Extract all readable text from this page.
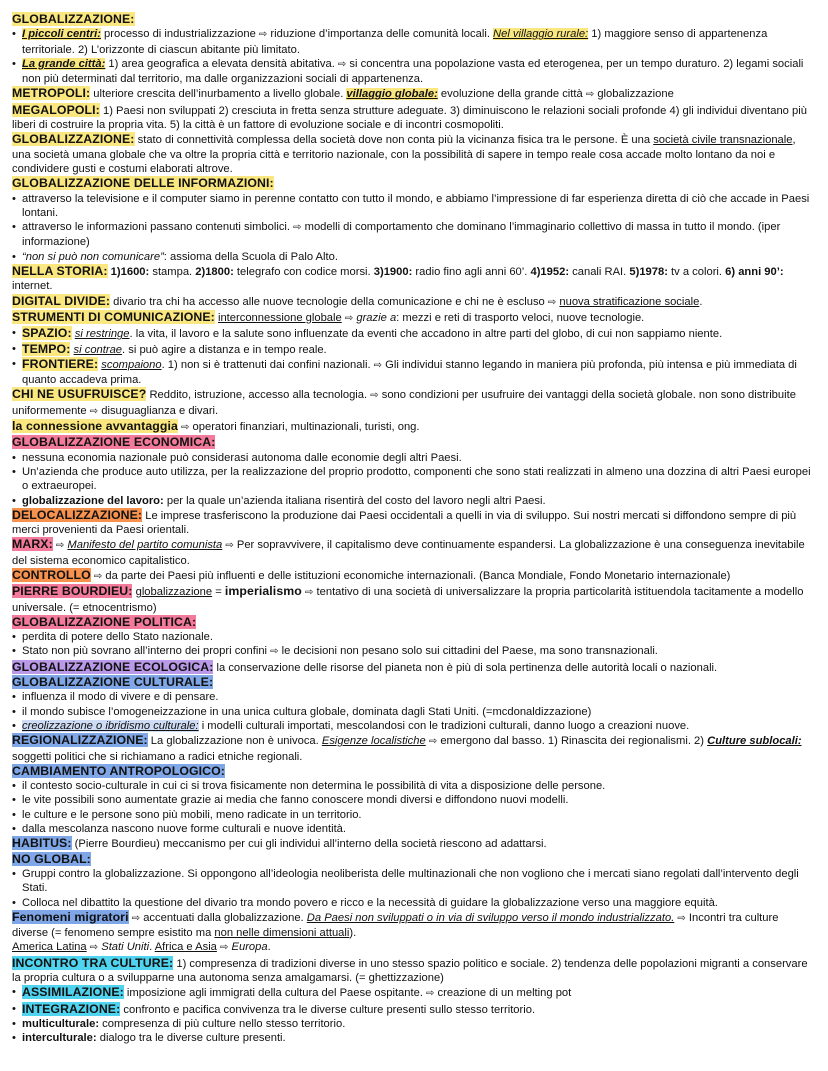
GLOBALIZZAZIONE:

• I piccoli centri: processo di industrializzazione ⇨ riduzione d’importanza delle comunità locali. Nel villaggio rurale: 1) maggiore senso di appartenenza territoriale. 2) L’orizzonte di ciascun abitante più limitato.

• La grande città: 1) area geografica a elevata densità abitativa. ⇨ si concentra una popolazione vasta ed eterogenea, per un tempo duraturo. 2) legami sociali non più determinati dal territorio, ma dalle organizzazioni sociali di appartenenza.

METROPOLI: ulteriore crescita dell’inurbamento a livello globale. villaggio globale: evoluzione della grande città ⇨ globalizzazione

MEGALOPOLI: 1) Paesi non sviluppati 2) cresciuta in fretta senza strutture adeguate. 3) diminuiscono le relazioni sociali profonde 4) gli individui diventano più liberi di costruire la propria vita. 5) la città è un fattore di evoluzione sociale e di incontri cosmopoliti.

GLOBALIZZAZIONE: stato di connettività complessa della società dove non conta più la vicinanza fisica tra le persone. È una società civile transnazionale, una società umana globale che va oltre la propria città e territorio nazionale, con la possibilità di sapere in tempo reale cosa accade molto lontano da noi e condividere gusti e costumi elaborati altrove.

GLOBALIZZAZIONE DELLE INFORMAZIONI:

• attraverso la televisione e il computer siamo in perenne contatto con tutto il mondo, e abbiamo l’impressione di far esperienza diretta di ciò che accade in Paesi lontani.

• attraverso le informazioni passano contenuti simbolici. ⇨ modelli di comportamento che dominano l’immaginario collettivo di massa in tutto il mondo. (iper informazione)

• “non si può non comunicare”: assioma della Scuola di Palo Alto.

NELLA STORIA: 1)1600: stampa. 2)1800: telegrafo con codice morsi. 3)1900: radio fino agli anni 60’. 4)1952: canali RAI. 5)1978: tv a colori. 6) anni 90’: internet.

DIGITAL DIVIDE: divario tra chi ha accesso alle nuove tecnologie della comunicazione e chi ne è escluso ⇨ nuova stratificazione sociale.

STRUMENTI DI COMUNICAZIONE: interconnessione globale ⇨ grazie a: mezzi e reti di trasporto veloci, nuove tecnologie.

• SPAZIO: si restringe. la vita, il lavoro e la salute sono influenzate da eventi che accadono in altre parti del globo, di cui non sappiamo niente.

• TEMPO: si contrae. si può agire a distanza e in tempo reale.

• FRONTIERE: scompaiono. 1) non si è trattenuti dai confini nazionali. ⇨ Gli individui stanno legando in maniera più profonda, più intensa e più immediata di quanto accadeva prima.

CHI NE USUFRUISCE? Reddito, istruzione, accesso alla tecnologia. ⇨ sono condizioni per usufruire dei vantaggi della società globale. non sono distribuite uniformemente ⇨ disuguaglianza e divari.

la connessione avvantaggia ⇨ operatori finanziari, multinazionali, turisti, ong.

GLOBALIZZAZIONE ECONOMICA:

• nessuna economia nazionale può considerasi autonoma dalle economie degli altri Paesi.

• Un’azienda che produce auto utilizza, per la realizzazione del proprio prodotto, componenti che sono stati realizzati in almeno una dozzina di altri Paesi europei o extraeuropei.

• globalizzazione del lavoro: per la quale un’azienda italiana risentirà del costo del lavoro negli altri Paesi.

DELOCALIZZAZIONE: Le imprese trasferiscono la produzione dai Paesi occidentali a quelli in via di sviluppo. Sui nostri mercati si diffondono sempre di più merci provenienti da Paesi orientali.

MARX: ⇨ Manifesto del partito comunista ⇨ Per sopravvivere, il capitalismo deve continuamente espandersi. La globalizzazione è una conseguenza inevitabile del sistema economico capitalistico.

CONTROLLO ⇨ da parte dei Paesi più influenti e delle istituzioni economiche internazionali. (Banca Mondiale, Fondo Monetario internazionale)

PIERRE BOURDIEU: globalizzazione = imperialismo ⇨ tentativo di una società di universalizzare la propria particolarità istituendola tacitamente a modello universale. (= etnocentrismo)

GLOBALIZZAZIONE POLITICA:

• perdita di potere dello Stato nazionale.

• Stato non più sovrano all’interno dei propri confini ⇨ le decisioni non pesano solo sui cittadini del Paese, ma sono transnazionali.

GLOBALIZZAZIONE ECOLOGICA: la conservazione delle risorse del pianeta non è più di sola pertinenza delle autorità locali o nazionali.

GLOBALIZZAZIONE CULTURALE:

• influenza il modo di vivere e di pensare.

• il mondo subisce l’omogeneizzazione in una unica cultura globale, dominata dagli Stati Uniti. (=mcdonaldizzazione)

• creolizzazione o ibridismo culturale: i modelli culturali importati, mescolandosi con le tradizioni culturali, danno luogo a creazioni nuove.

REGIONALIZZAZIONE: La globalizzazione non è univoca. Esigenze localistiche ⇨ emergono dal basso. 1) Rinascita dei regionalismi. 2) Culture sublocali: soggetti politici che si richiamano a radici etniche regionali.

CAMBIAMENTO ANTROPOLOGICO:

• il contesto socio-culturale in cui ci si trova fisicamente non determina le possibilità di vita a disposizione delle persone.

• le vite possibili sono aumentate grazie ai media che fanno conoscere mondi diversi e diffondono nuovi modelli.

• le culture e le persone sono più mobili, meno radicate in un territorio.

• dalla mescolanza nascono nuove forme culturali e nuove identità.

HABITUS: (Pierre Bourdieu) meccanismo per cui gli individui all’interno della società riescono ad adattarsi.

NO GLOBAL:

• Gruppi contro la globalizzazione. Si oppongono all’ideologia neoliberista delle multinazionali che non vogliono che i mercati siano regolati dall’intervento degli Stati.

• Colloca nel dibattito la questione del divario tra mondo povero e ricco e la necessità di guidare la globalizzazione verso una maggiore equità.

Fenomeni migratori ⇨ accentuati dalla globalizzazione. Da Paesi non sviluppati o in via di sviluppo verso il mondo industrializzato. ⇨ Incontri tra culture diverse (= fenomeno sempre esistito ma non nelle dimensioni attuali).

America Latina ⇨ Stati Uniti. Africa e Asia ⇨ Europa.

INCONTRO TRA CULTURE: 1) compresenza di tradizioni diverse in uno stesso spazio politico e sociale. 2) tendenza delle popolazioni migranti a conservare la propria cultura o a svilupparne una autonoma senza amalgamarsi. (= ghettizzazione)

• ASSIMILAZIONE: imposizione agli immigrati della cultura del Paese ospitante. ⇨ creazione di un melting pot

• INTEGRAZIONE: confronto e pacifica convivenza tra le diverse culture presenti sullo stesso territorio.

• multiculturale: compresenza di più culture nello stesso territorio.

• interculturale: dialogo tra le diverse culture presenti.
